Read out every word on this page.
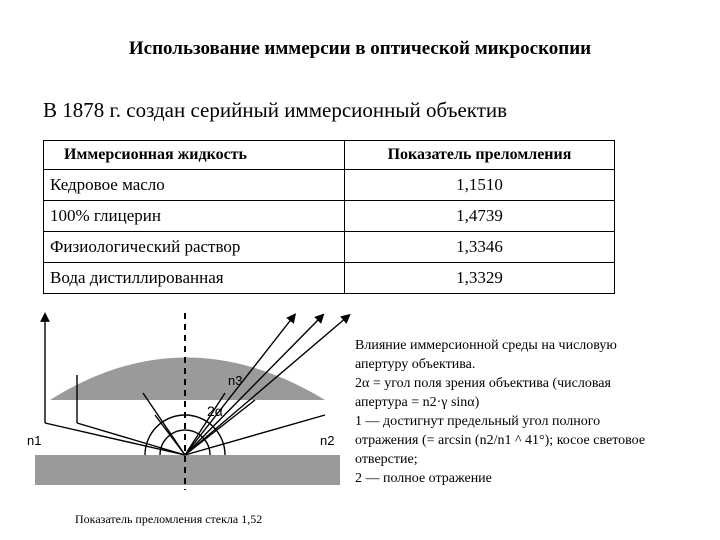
Использование иммерсии в оптической микроскопии
В 1878 г. создан серийный иммерсионный объектив
Иммерсионная жидкость	Показатель преломления
Кедровое масло	1,1510
100% глицерин	1,4739
Физиологический раствор	1,3346
Вода дистиллированная	1,3329
n3
2α
n1	n2
Влияние иммерсионной среды на числовую
апертуру объектива.
2α = угол поля зрения объектива (числовая
апертура = n2·γ sinα)
1 — достигнут предельный угол полного
отражения (= arcsin (n2/n1 ^ 41°); косое световое
отверстие;
2 — полное отражение
Показатель преломления стекла 1,52
